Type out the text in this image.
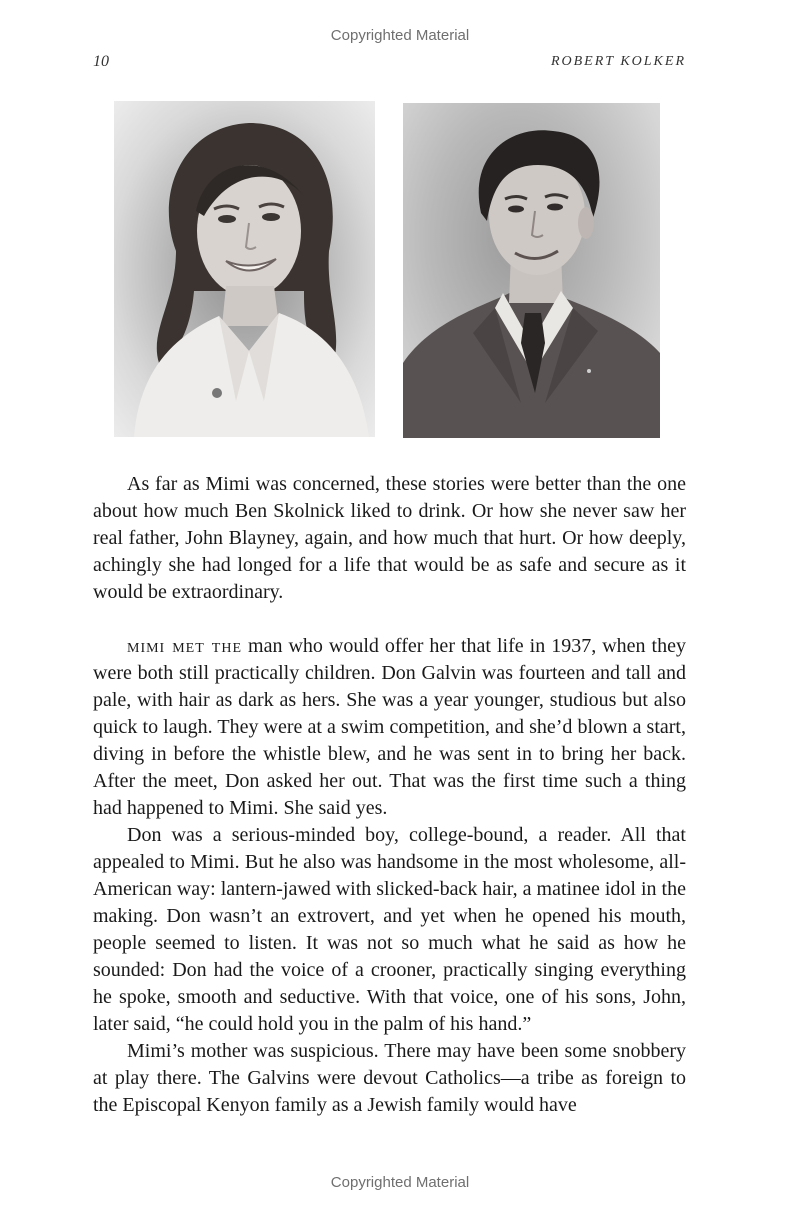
Copyrighted Material
10	ROBERT KOLKER

As far as Mimi was concerned, these stories were better than the one about how much Ben Skolnick liked to drink. Or how she never saw her real father, John Blayney, again, and how much that hurt. Or how deeply, achingly she had longed for a life that would be as safe and secure as it would be extraordinary.

mimi met the man who would offer her that life in 1937, when they were both still practically children. Don Galvin was fourteen and tall and pale, with hair as dark as hers. She was a year younger, studious but also quick to laugh. They were at a swim competition, and she’d blown a start, diving in before the whistle blew, and he was sent in to bring her back. After the meet, Don asked her out. That was the first time such a thing had happened to Mimi. She said yes.

Don was a serious-minded boy, college-bound, a reader. All that appealed to Mimi. But he also was handsome in the most wholesome, all-American way: lantern-jawed with slicked-back hair, a matinee idol in the making. Don wasn’t an extrovert, and yet when he opened his mouth, people seemed to listen. It was not so much what he said as how he sounded: Don had the voice of a crooner, practically singing everything he spoke, smooth and seductive. With that voice, one of his sons, John, later said, “he could hold you in the palm of his hand.”

Mimi’s mother was suspicious. There may have been some snobbery at play there. The Galvins were devout Catholics—a tribe as foreign to the Episcopal Kenyon family as a Jewish family would have

Copyrighted Material
